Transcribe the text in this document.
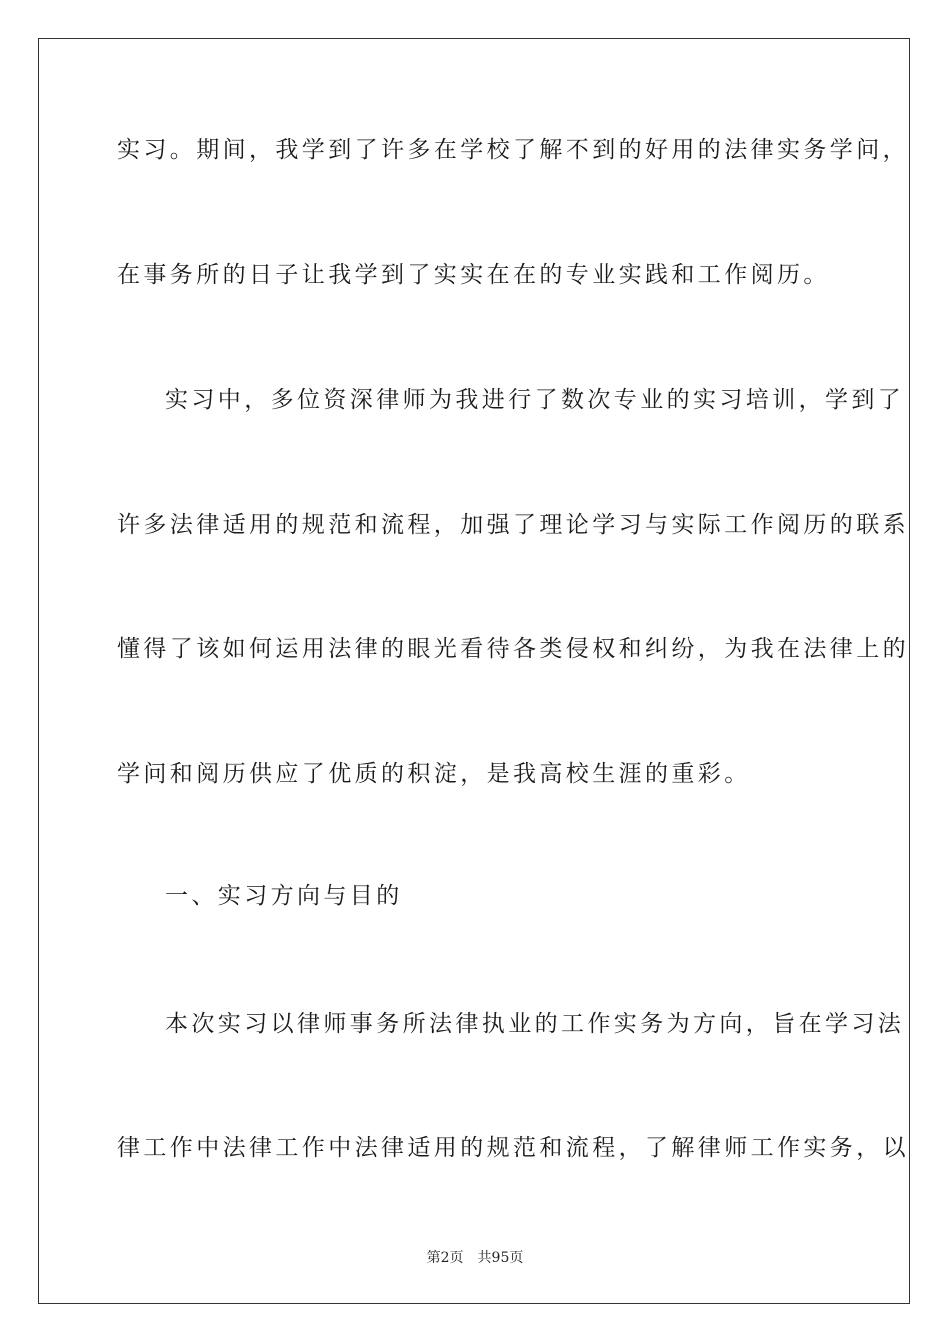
实习。期间，我学到了许多在学校了解不到的好用的法律实务学问，

在事务所的日子让我学到了实实在在的专业实践和工作阅历。

实习中，多位资深律师为我进行了数次专业的实习培训，学到了

许多法律适用的规范和流程，加强了理论学习与实际工作阅历的联系

懂得了该如何运用法律的眼光看待各类侵权和纠纷，为我在法律上的

学问和阅历供应了优质的积淀，是我高校生涯的重彩。

一、实习方向与目的

本次实习以律师事务所法律执业的工作实务为方向，旨在学习法

律工作中法律工作中法律适用的规范和流程，了解律师工作实务，以

第2页 共95页
